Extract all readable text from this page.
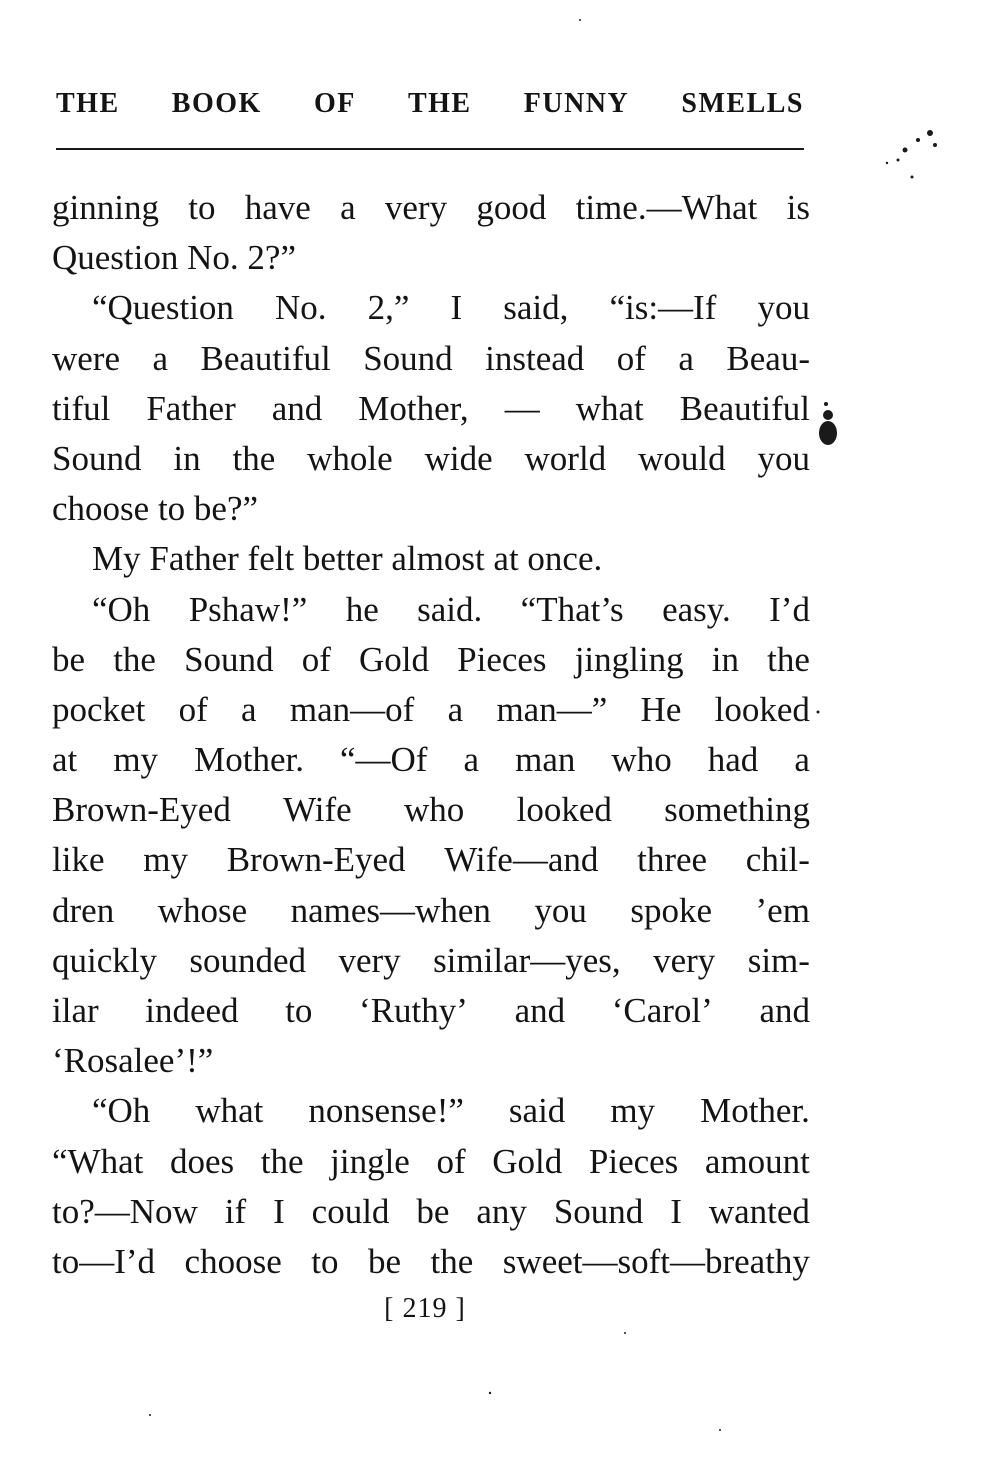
THE BOOK OF THE FUNNY SMELLS
ginning to have a very good time.—What is
Question No. 2?”
“Question No. 2,” I said, “is:—If you
were a Beautiful Sound instead of a Beau-
tiful Father and Mother, — what Beautiful
Sound in the whole wide world would you
choose to be?”
My Father felt better almost at once.
“Oh Pshaw!” he said. “That’s easy. I’d
be the Sound of Gold Pieces jingling in the
pocket of a man—of a man—” He looked
at my Mother. “—Of a man who had a
Brown-Eyed Wife who looked something
like my Brown-Eyed Wife—and three chil-
dren whose names—when you spoke ’em
quickly sounded very similar—yes, very sim-
ilar indeed to ‘Ruthy’ and ‘Carol’ and
‘Rosalee’!”
“Oh what nonsense!” said my Mother.
“What does the jingle of Gold Pieces amount
to?—Now if I could be any Sound I wanted
to—I’d choose to be the sweet—soft—breathy
[ 219 ]
